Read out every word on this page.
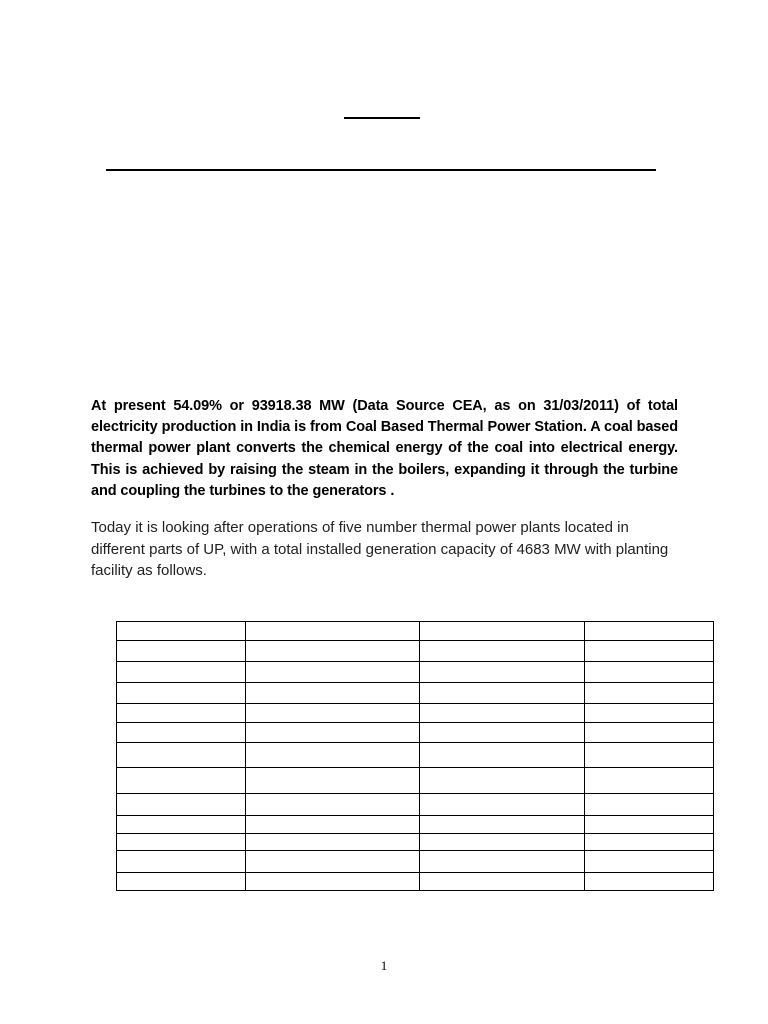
At present 54.09% or 93918.38 MW (Data Source CEA, as on 31/03/2011) of total electricity production in India is from Coal Based Thermal Power Station. A coal based thermal power plant converts the chemical energy of the coal into electrical energy. This is achieved by raising the steam in the boilers, expanding it through the turbine and coupling the turbines to the generators .

Today it is looking after operations of five number thermal power plants located in different parts of UP, with a total installed generation capacity of 4683 MW with planting facility as follows.

1
